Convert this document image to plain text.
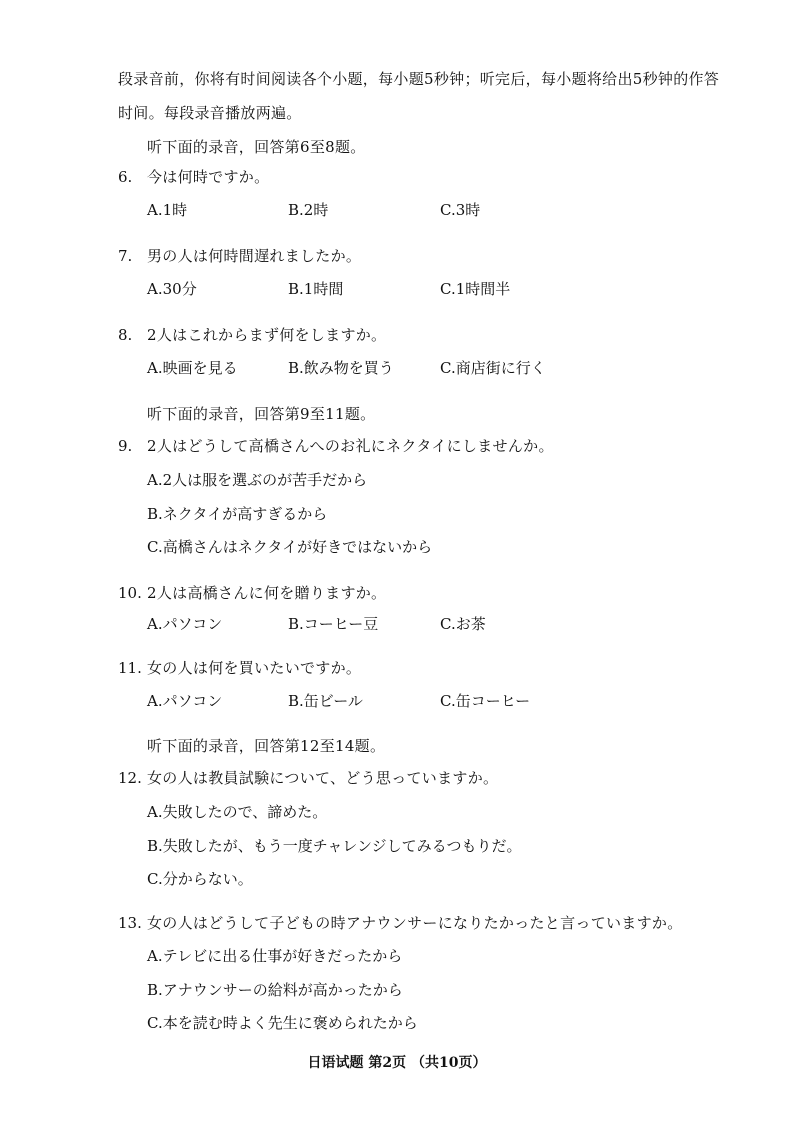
段录音前，你将有时间阅读各个小题，每小题5秒钟；听完后，每小题将给出5秒钟的作答
时间。每段录音播放两遍。
听下面的录音，回答第6至8题。
6. 今は何時ですか。
A.1時	B.2時	C.3時
7. 男の人は何時間遅れましたか。
A.30分	B.1時間	C.1時間半
8. 2人はこれからまず何をしますか。
A.映画を見る	B.飲み物を買う	C.商店街に行く
听下面的录音，回答第9至11题。
9. 2人はどうして高橋さんへのお礼にネクタイにしませんか。
A.2人は服を選ぶのが苦手だから
B.ネクタイが高すぎるから
C.高橋さんはネクタイが好きではないから
10. 2人は高橋さんに何を贈りますか。
A.パソコン	B.コーヒー豆	C.お茶
11. 女の人は何を買いたいですか。
A.パソコン	B.缶ビール	C.缶コーヒー
听下面的录音，回答第12至14题。
12. 女の人は教員試験について、どう思っていますか。
A.失敗したので、諦めた。
B.失敗したが、もう一度チャレンジしてみるつもりだ。
C.分からない。
13. 女の人はどうして子どもの時アナウンサーになりたかったと言っていますか。
A.テレビに出る仕事が好きだったから
B.アナウンサーの給料が高かったから
C.本を読む時よく先生に褒められたから
日语试题 第2页 （共10页）
